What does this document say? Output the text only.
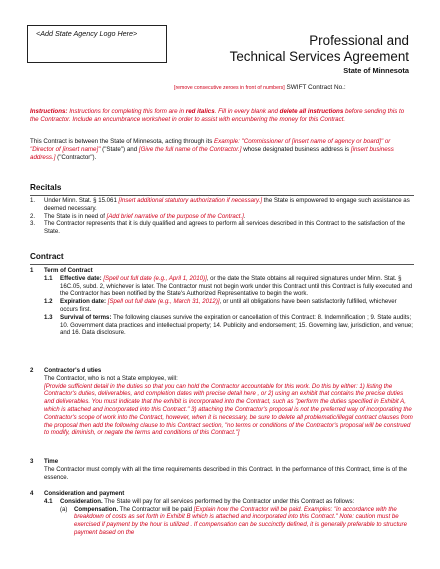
<Add State Agency Logo Here>	Professional and
Technical Services Agreement
State of Minnesota
[remove consecutive zeroes in front of numbers] SWIFT Contract No.:
Instructions: Instructions for completing this form are in red italics. Fill in every blank and delete all instructions before sending this to the Contractor. Include an encumbrance worksheet in order to assist with encumbering the money for this Contract.
This Contract is between the State of Minnesota, acting through its Example: "Commissioner of [insert name of agency or board]" or "Director of [insert name]" ("State") and [Give the full name of the Contractor.] whose designated business address is [insert business address.] ("Contractor").
Recitals
1.	Under Minn. Stat. § 15.061 [Insert additional statutory authorization if necessary.] the State is empowered to engage such assistance as deemed necessary.
2.	The State is in need of [Add brief narrative of the purpose of the Contract.].
3.	The Contractor represents that it is duly qualified and agrees to perform all services described in this Contract to the satisfaction of the State.
Contract
1	Term of Contract
1.1	Effective date: [Spell out full date (e.g., April 1, 2010)], or the date the State obtains all required signatures under Minn. Stat. § 16C.05, subd. 2, whichever is later. The Contractor must not begin work under this Contract until this Contract is fully executed and the Contractor has been notified by the State's Authorized Representative to begin the work.
1.2	Expiration date: [Spell out full date (e.g., March 31, 2012)], or until all obligations have been satisfactorily fulfilled, whichever occurs first.
1.3	Survival of terms: The following clauses survive the expiration or cancellation of this Contract: 8. Indemnification ; 9. State audits; 10. Government data practices and intellectual property; 14. Publicity and endorsement; 15. Governing law, jurisdiction, and venue; and 16. Data disclosure.
2	Contractor's d uties

The Contractor, who is not a State employee, will:

[Provide sufficient detail in the duties so that you can hold the Contractor accountable for this work. Do this by either: 1) listing the Contractor's duties, deliverables, and completion dates with precise detail here , or 2) using an exhibit that contains the precise duties and deliverables. You must indicate that the exhibit is incorporated into the Contract, such as "perform the duties specified in Exhibit A, which is attached and incorporated into this Contract." 3) attaching the Contractor's proposal is not the preferred way of incorporating the Contractor's scope of work into the Contract, however, when it is necessary, be sure to delete all problematic/illegal contract clauses from the proposal then add the following clause to this Contract section, "no terms or conditions of the Contractor's proposal will be construed to modify, diminish, or negate the terms and conditions of this Contract."]

3	Time

The Contractor must comply with all the time requirements described in this Contract. In the performance of this Contract, time is of the essence.

4	Consideration and payment
4.1	Consideration. The State will pay for all services performed by the Contractor under this Contract as follows:
(a)	Compensation. The Contractor will be paid [Explain how the Contractor will be paid. Examples: "in accordance with the breakdown of costs as set forth in Exhibit B which is attached and incorporated into this Contract." Note: caution must be exercised if payment by the hour is utilized . If compensation can be succinctly defined, it is generally preferable to structure payment based on the
